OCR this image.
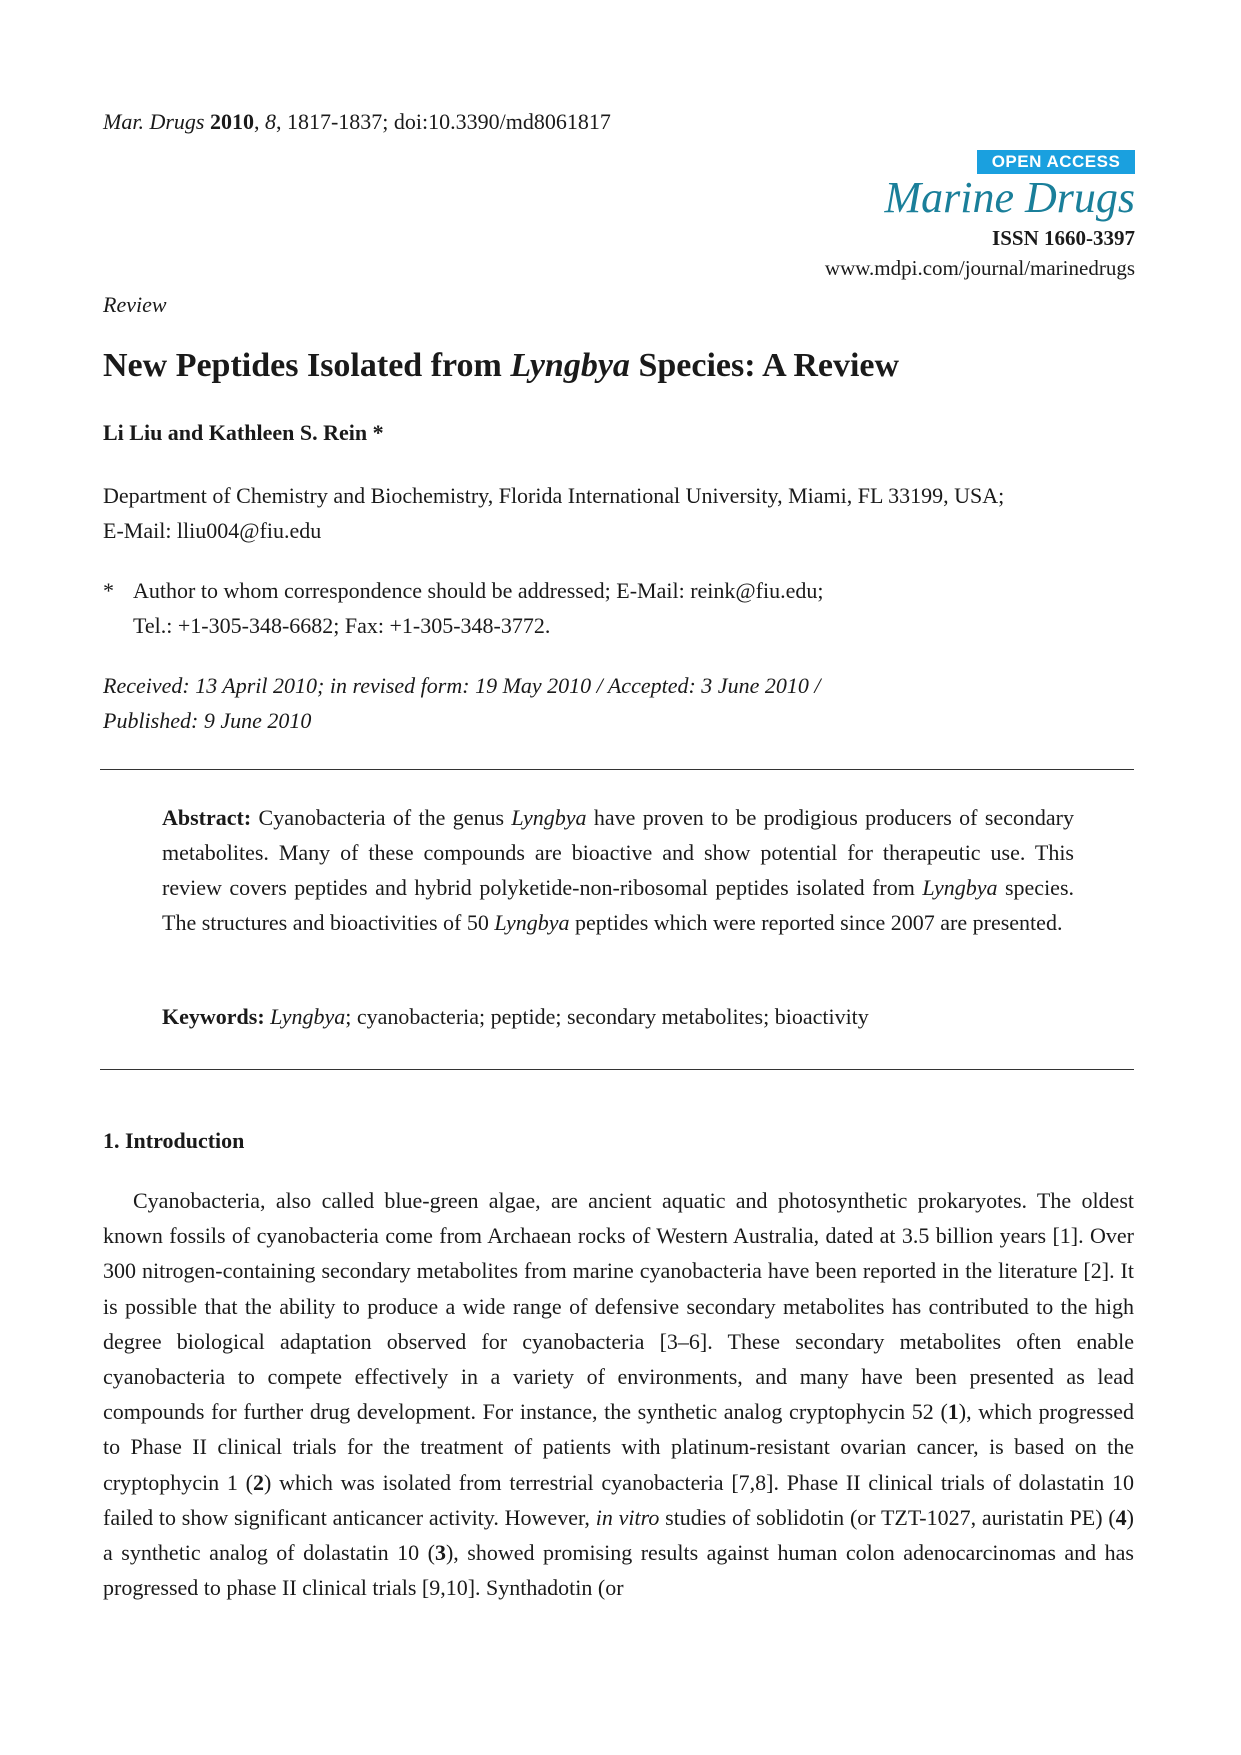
Mar. Drugs 2010, 8, 1817-1837; doi:10.3390/md8061817

OPEN ACCESS
Marine Drugs
ISSN 1660-3397
www.mdpi.com/journal/marinedrugs
Review
New Peptides Isolated from Lyngbya Species: A Review
Li Liu and Kathleen S. Rein *
Department of Chemistry and Biochemistry, Florida International University, Miami, FL 33199, USA;
E-Mail: lliu004@fiu.edu
* Author to whom correspondence should be addressed; E-Mail: reink@fiu.edu;
Tel.: +1-305-348-6682; Fax: +1-305-348-3772.
Received: 13 April 2010; in revised form: 19 May 2010 / Accepted: 3 June 2010 /
Published: 9 June 2010
Abstract: Cyanobacteria of the genus Lyngbya have proven to be prodigious producers of secondary metabolites. Many of these compounds are bioactive and show potential for therapeutic use. This review covers peptides and hybrid polyketide-non-ribosomal peptides isolated from Lyngbya species. The structures and bioactivities of 50 Lyngbya peptides which were reported since 2007 are presented.
Keywords: Lyngbya; cyanobacteria; peptide; secondary metabolites; bioactivity
1. Introduction

Cyanobacteria, also called blue-green algae, are ancient aquatic and photosynthetic prokaryotes. The oldest known fossils of cyanobacteria come from Archaean rocks of Western Australia, dated at 3.5 billion years [1]. Over 300 nitrogen-containing secondary metabolites from marine cyanobacteria have been reported in the literature [2]. It is possible that the ability to produce a wide range of defensive secondary metabolites has contributed to the high degree biological adaptation observed for cyanobacteria [3–6]. These secondary metabolites often enable cyanobacteria to compete effectively in a variety of environments, and many have been presented as lead compounds for further drug development. For instance, the synthetic analog cryptophycin 52 (1), which progressed to Phase II clinical trials for the treatment of patients with platinum-resistant ovarian cancer, is based on the cryptophycin 1 (2) which was isolated from terrestrial cyanobacteria [7,8]. Phase II clinical trials of dolastatin 10 failed to show significant anticancer activity. However, in vitro studies of soblidotin (or TZT-1027, auristatin PE) (4) a synthetic analog of dolastatin 10 (3), showed promising results against human colon adenocarcinomas and has progressed to phase II clinical trials [9,10]. Synthadotin (or
